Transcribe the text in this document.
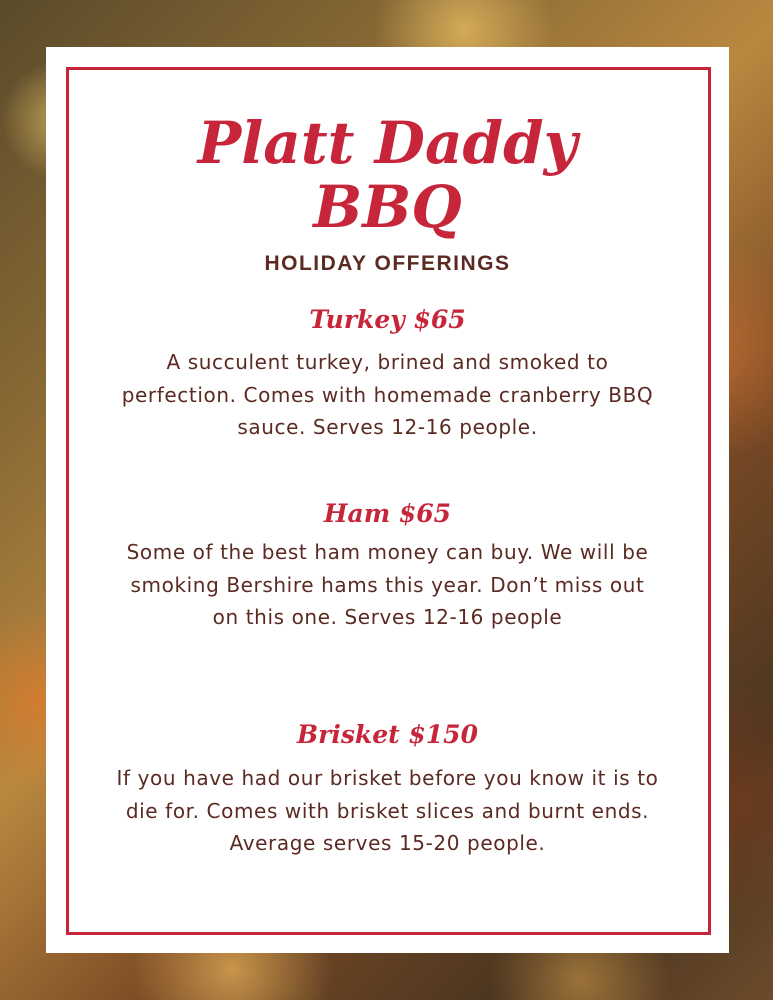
Platt Daddy
BBQ
HOLIDAY OFFERINGS
Turkey $65
A succulent turkey, brined and smoked to perfection. Comes with homemade cranberry BBQ sauce. Serves 12-16 people.
Ham $65
Some of the best ham money can buy. We will be smoking Bershire hams this year. Don’t miss out on this one. Serves 12-16 people
Brisket $150
If you have had our brisket before you know it is to die for. Comes with brisket slices and burnt ends. Average serves 15-20 people.
menupix
